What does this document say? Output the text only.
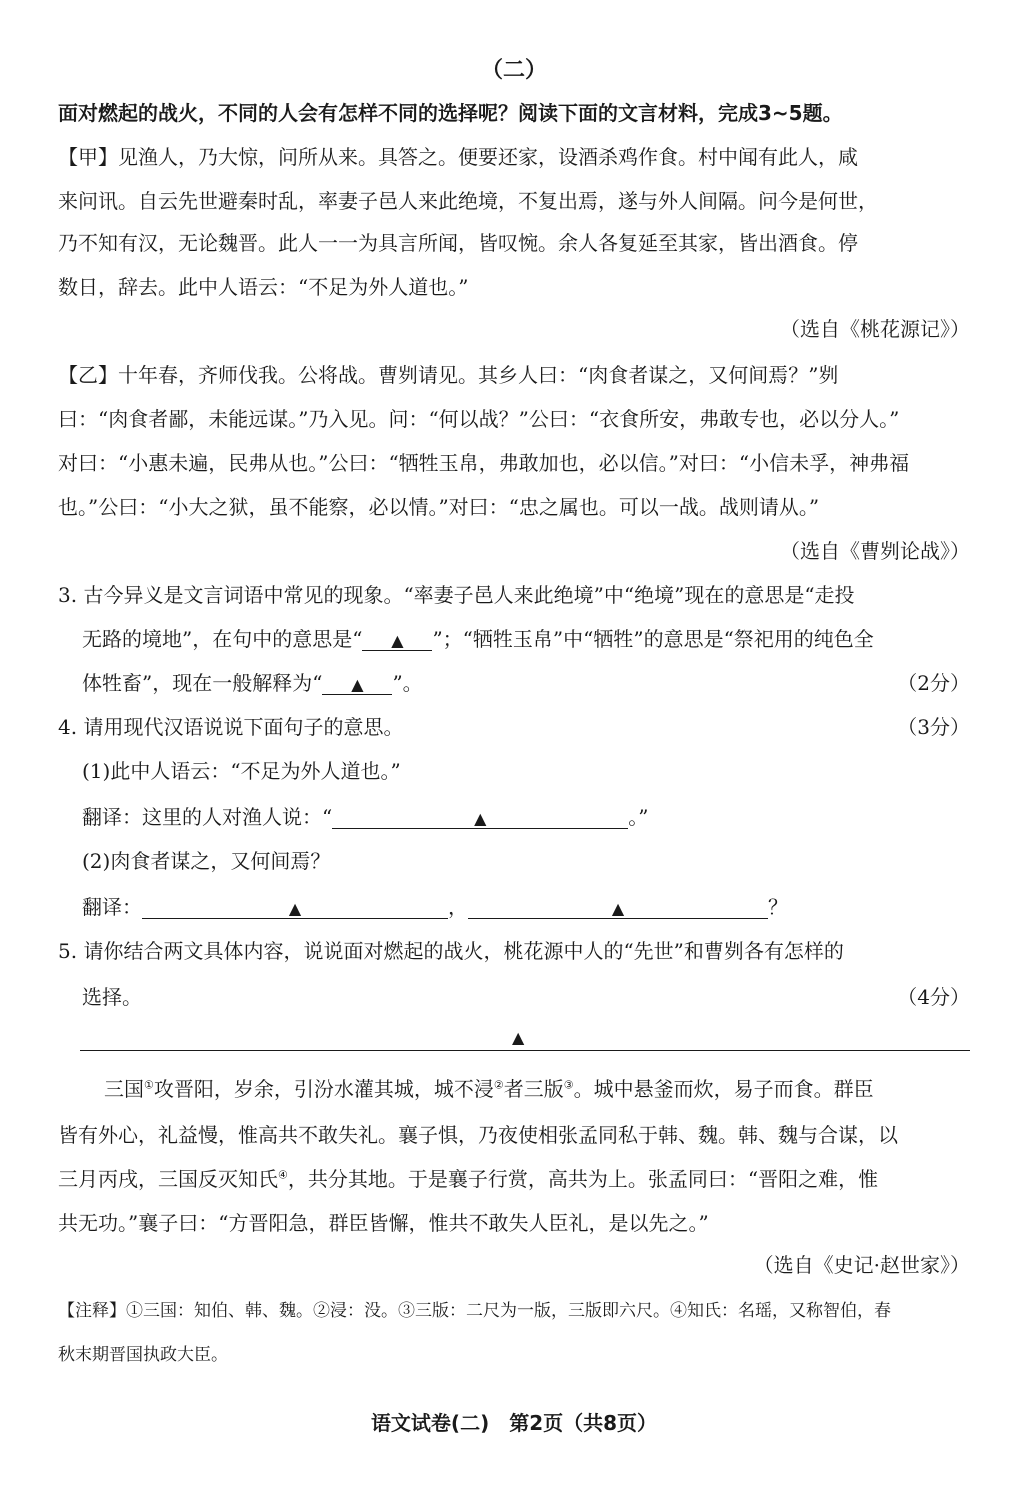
（二）
面对燃起的战火，不同的人会有怎样不同的选择呢？阅读下面的文言材料，完成3~5题。
【甲】见渔人，乃大惊，问所从来。具答之。便要还家，设酒杀鸡作食。村中闻有此人，咸
来问讯。自云先世避秦时乱，率妻子邑人来此绝境，不复出焉，遂与外人间隔。问今是何世，
乃不知有汉，无论魏晋。此人一一为具言所闻，皆叹惋。余人各复延至其家，皆出酒食。停
数日，辞去。此中人语云：“不足为外人道也。”
（选自《桃花源记》）
【乙】十年春，齐师伐我。公将战。曹刿请见。其乡人曰：“肉食者谋之，又何间焉？”刿
曰：“肉食者鄙，未能远谋。”乃入见。问：“何以战？”公曰：“衣食所安，弗敢专也，必以分人。”
对曰：“小惠未遍，民弗从也。”公曰：“牺牲玉帛，弗敢加也，必以信。”对曰：“小信未孚，神弗福
也。”公曰：“小大之狱，虽不能察，必以情。”对曰：“忠之属也。可以一战。战则请从。”
（选自《曹刿论战》）
3. 古今异义是文言词语中常见的现象。“率妻子邑人来此绝境”中“绝境”现在的意思是“走投
无路的境地”，在句中的意思是“ ▲ ”；“牺牲玉帛”中“牺牲”的意思是“祭祀用的纯色全
体牲畜”，现在一般解释为“ ▲ ”。	（2分）
4. 请用现代汉语说说下面句子的意思。	（3分）
(1)此中人语云：“不足为外人道也。”
翻译：这里的人对渔人说：“	▲	。”
(2)肉食者谋之，又何间焉？
翻译：	▲	，	▲	？
5. 请你结合两文具体内容，说说面对燃起的战火，桃花源中人的“先世”和曹刿各有怎样的
选择。	（4分）
▲
三国①攻晋阳，岁余，引汾水灌其城，城不浸②者三版③。城中悬釜而炊，易子而食。群臣
皆有外心，礼益慢，惟高共不敢失礼。襄子惧，乃夜使相张孟同私于韩、魏。韩、魏与合谋，以
三月丙戌，三国反灭知氏④，共分其地。于是襄子行赏，高共为上。张孟同曰：“晋阳之难，惟
共无功。”襄子曰：“方晋阳急，群臣皆懈，惟共不敢失人臣礼，是以先之。”
（选自《史记·赵世家》）
【注释】①三国：知伯、韩、魏。②浸：没。③三版：二尺为一版，三版即六尺。④知氏：名瑶，又称智伯，春
秋末期晋国执政大臣。
语文试卷(二)　第2页（共8页）
